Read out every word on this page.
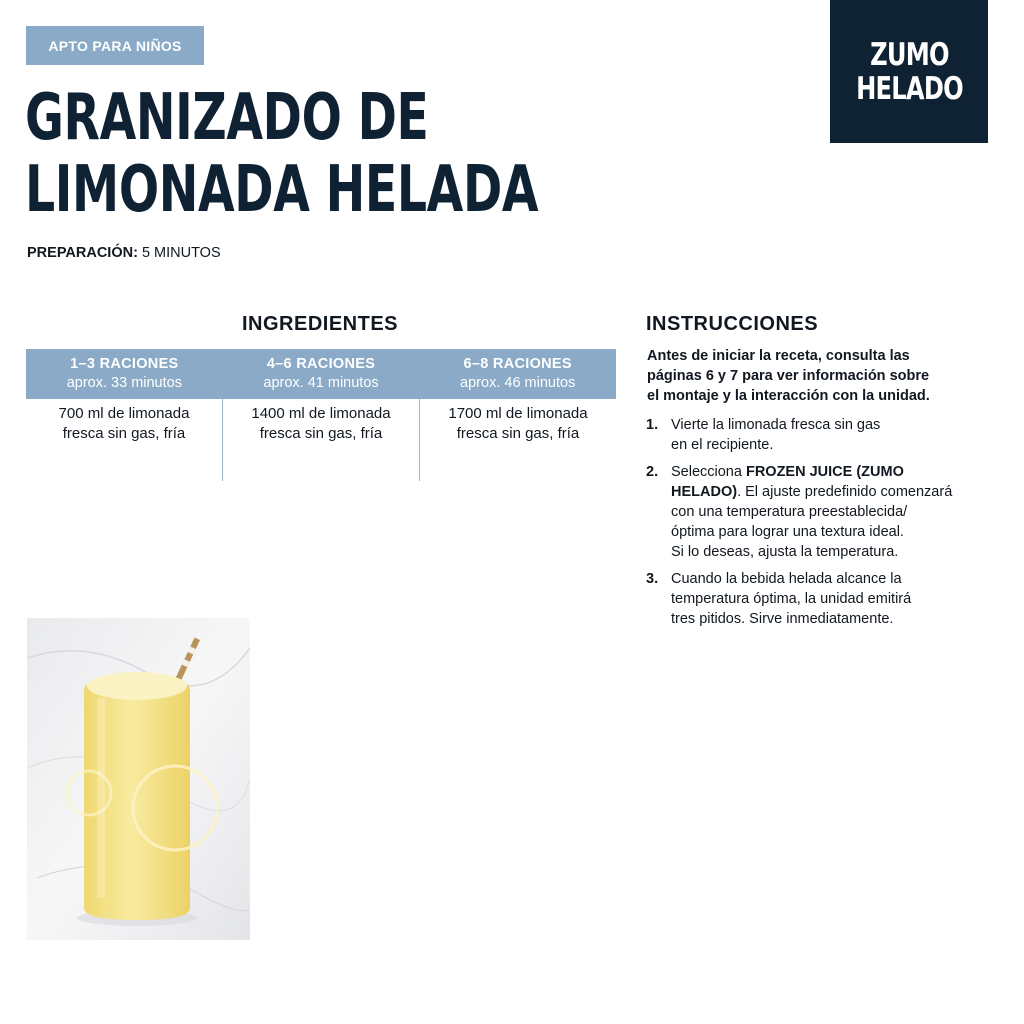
APTO PARA NIÑOS	ZUMO
HELADO
GRANIZADO DE
LIMONADA HELADA
PREPARACIÓN: 5 MINUTOS
INGREDIENTES
1–3 RACIONES
aprox. 33 minutos
4–6 RACIONES
aprox. 41 minutos
6–8 RACIONES
aprox. 46 minutos
700 ml de limonada
fresca sin gas, fría
1400 ml de limonada
fresca sin gas, fría
1700 ml de limonada
fresca sin gas, fría
INSTRUCCIONES
Antes de iniciar la receta, consulta las
páginas 6 y 7 para ver información sobre
el montaje y la interacción con la unidad.
1. Vierte la limonada fresca sin gas
en el recipiente.
2. Selecciona FROZEN JUICE (ZUMO
HELADO). El ajuste predefinido comenzará
con una temperatura preestablecida/
óptima para lograr una textura ideal.
Si lo deseas, ajusta la temperatura.
3. Cuando la bebida helada alcance la
temperatura óptima, la unidad emitirá
tres pitidos. Sirve inmediatamente.
